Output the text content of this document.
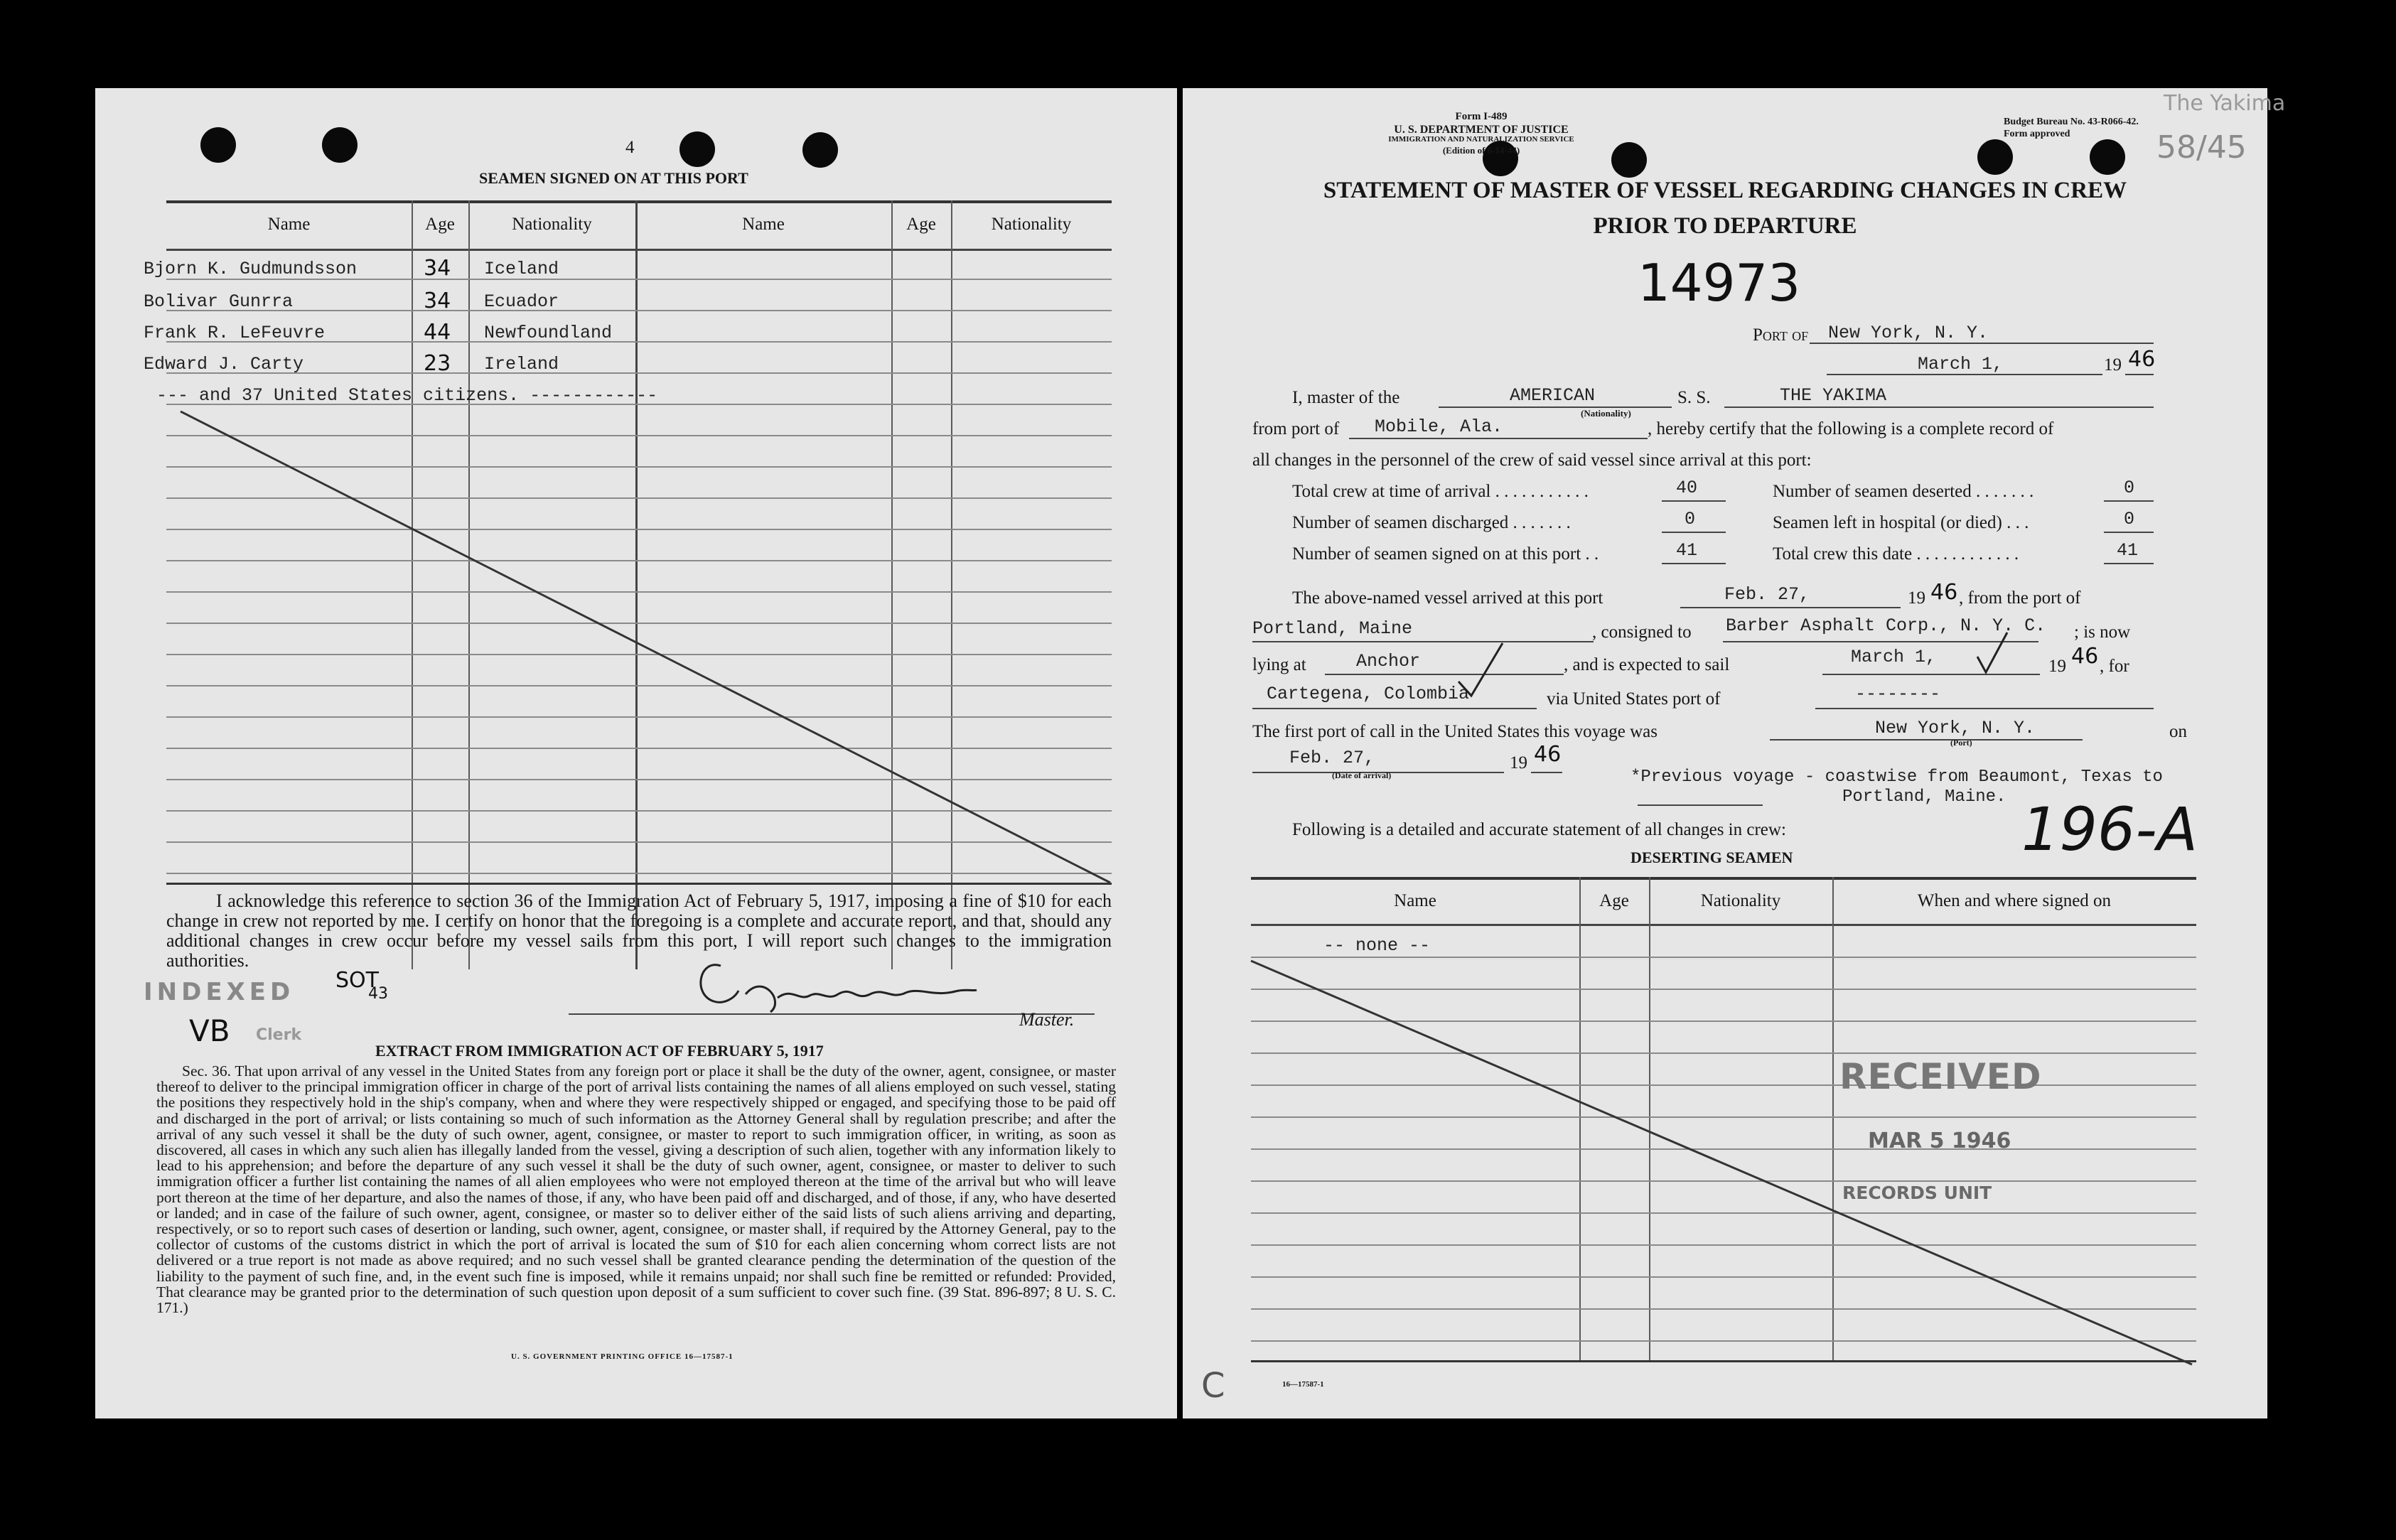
4
SEAMEN SIGNED ON AT THIS PORT
Name	Age	Nationality	Name	Age	Nationality
Bjorn K. Gudmundsson	34 Iceland
Bolivar Gunrra	34 Ecuador
Frank R. LeFeuvre	44 Newfoundland
Edward J. Carty	23 Ireland
--- and 37 United States citizens. ------------
I acknowledge this reference to section 36 of the Immigration Act of February 5, 1917, imposing a fine of $10 for each change in crew not reported by me. I certify on honor that the foregoing is a complete and accurate report, and that, should any additional changes in crew occur before my vessel sails from this port, I will report such changes to the immigration authorities.
Master.
INDEXED SOT
43
VB Clerk
EXTRACT FROM IMMIGRATION ACT OF FEBRUARY 5, 1917
Sec. 36. That upon arrival of any vessel in the United States from any foreign port or place it shall be the duty of the owner, agent, consignee, or master thereof to deliver to the principal immigration officer in charge of the port of arrival lists containing the names of all aliens employed on such vessel, stating the positions they respectively hold in the ship's company, when and where they were respectively shipped or engaged, and specifying those to be paid off and discharged in the port of arrival; or lists containing so much of such information as the Attorney General shall by regulation prescribe; and after the arrival of any such vessel it shall be the duty of such owner, agent, consignee, or master to report to such immigration officer, in writing, as soon as discovered, all cases in which any such alien has illegally landed from the vessel, giving a description of such alien, together with any information likely to lead to his apprehension; and before the departure of any such vessel it shall be the duty of such owner, agent, consignee, or master to deliver to such immigration officer a further list containing the names of all alien employees who were not employed thereon at the time of the arrival but who will leave port thereon at the time of her departure, and also the names of those, if any, who have been paid off and discharged, and of those, if any, who have deserted or landed; and in case of the failure of such owner, agent, consignee, or master so to deliver either of the said lists of such aliens arriving and departing, respectively, or so to report such cases of desertion or landing, such owner, agent, consignee, or master shall, if required by the Attorney General, pay to the collector of customs of the customs district in which the port of arrival is located the sum of $10 for each alien concerning whom correct lists are not delivered or a true report is not made as above required; and no such vessel shall be granted clearance pending the determination of the question of the liability to the payment of such fine, and, in the event such fine is imposed, while it remains unpaid; nor shall such fine be remitted or refunded: Provided, That clearance may be granted prior to the determination of such question upon deposit of a sum sufficient to cover such fine. (39 Stat. 896-897; 8 U. S. C. 171.)
U. S. GOVERNMENT PRINTING OFFICE 16—17587-1
Form I-489
U. S. DEPARTMENT OF JUSTICE
IMMIGRATION AND NATURALIZATION SERVICE
(Edition of 6-14-44)
Budget Bureau No. 43-R066-42.
Form approved
The Yakima
58/45
STATEMENT OF MASTER OF VESSEL REGARDING CHANGES IN CREW
PRIOR TO DEPARTURE
14973
Port of New York, N. Y.
March 1,	19 46
I, master of the	AMERICAN
(Nationality)
S. S.	THE YAKIMA
from port of Mobile, Ala.	, hereby certify that the following is a complete record of
all changes in the personnel of the crew of said vessel since arrival at this port:
Total crew at time of arrival . . . . . . . . . . .	40	Number of seamen deserted . . . . . . .	0
Number of seamen discharged . . . . . . .	0	Seamen left in hospital (or died) . . .	0
Number of seamen signed on at this port . .	41	Total crew this date . . . . . . . . . . . .	41
The above-named vessel arrived at this port	Feb. 27,	19 46 , from the port of
Portland, Maine	, consigned to Barber Asphalt Corp., N. Y. C. ; is now
lying at	Anchor	, and is expected to sail	March 1,	19 46 , for
Cartegena, Colombia	via United States port of	--------
The first port of call in the United States this voyage was	New York, N. Y.
(Port)
on
Feb. 27,
(Date of arrival)
19 46
*Previous voyage - coastwise from Beaumont, Texas to
Portland, Maine.
Following is a detailed and accurate statement of all changes in crew:	196-A
DESERTING SEAMEN
Name	Age	Nationality	When and where signed on
-- none --
RECEIVED
MAR 5 1946
RECORDS UNIT
16—17587-1
C
